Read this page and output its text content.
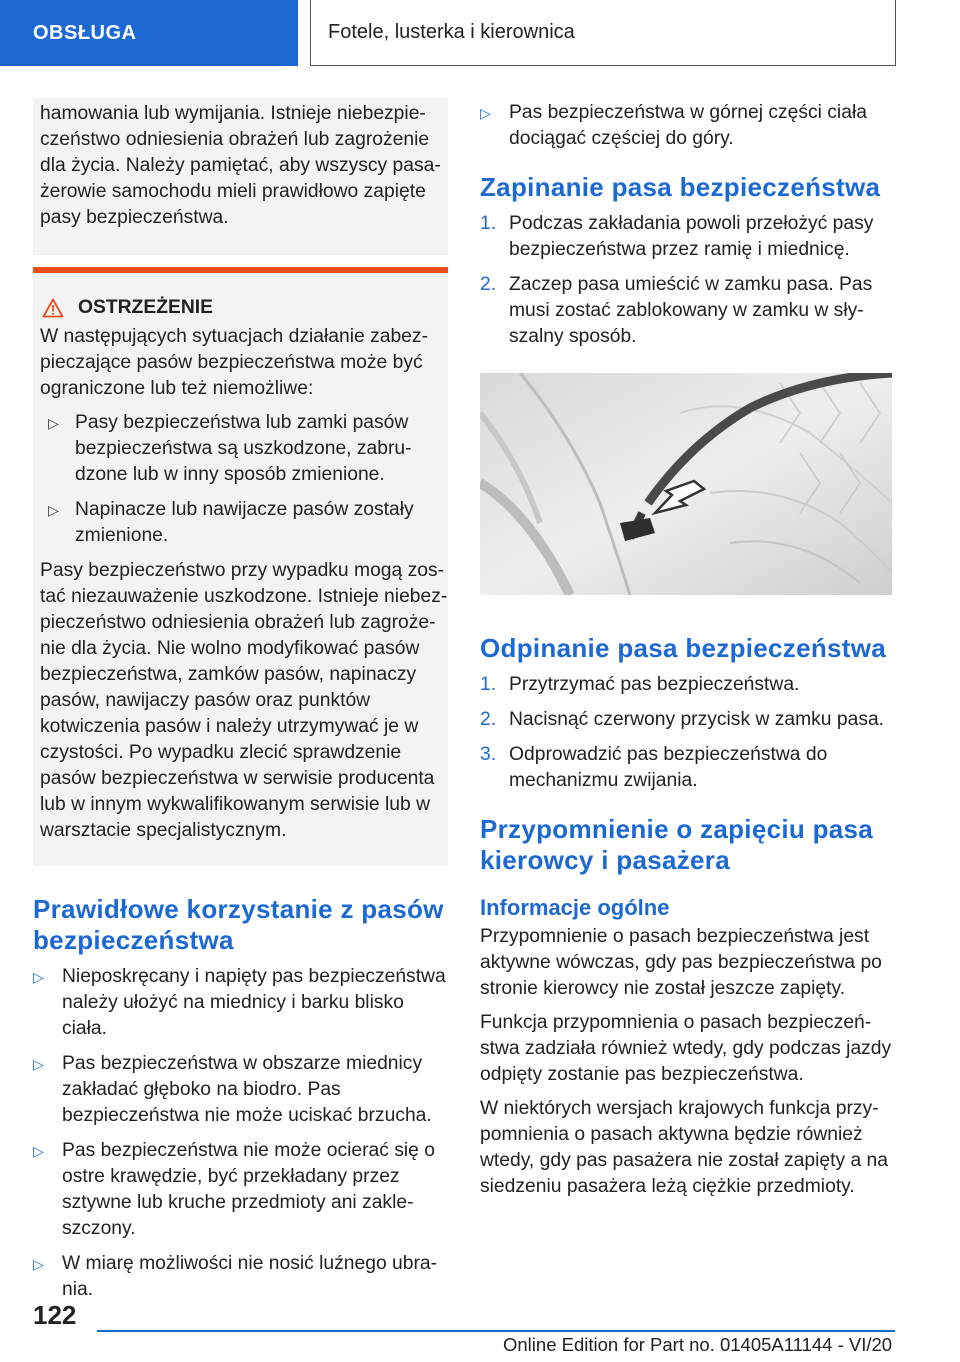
OBSŁUGA	Fotele, lusterka i kierownica

hamowania lub wymijania. Istnieje niebezpieczeństwo odniesienia obrażeń lub zagrożenie dla życia. Należy pamiętać, aby wszyscy pasażerowie samochodu mieli prawidłowo zapięte pasy bezpieczeństwa.

OSTRZEŻENIE

W następujących sytuacjach działanie zabezpieczające pasów bezpieczeństwa może być ograniczone lub też niemożliwe:

▷ Pasy bezpieczeństwa lub zamki pasów bezpieczeństwa są uszkodzone, zabrudzone lub w inny sposób zmienione.
▷ Napinacze lub nawijacze pasów zostały zmienione.

Pasy bezpieczeństwo przy wypadku mogą zostać niezauważenie uszkodzone. Istnieje niebezpieczeństwo odniesienia obrażeń lub zagrożenie dla życia. Nie wolno modyfikować pasów bezpieczeństwa, zamków pasów, napinaczy pasów, nawijaczy pasów oraz punktów kotwiczenia pasów i należy utrzymywać je w czystości. Po wypadku zlecić sprawdzenie pasów bezpieczeństwa w serwisie producenta lub w innym wykwalifikowanym serwisie lub w warsztacie specjalistycznym.

Prawidłowe korzystanie z pasów bezpieczeństwa
▷ Nieposkręcany i napięty pas bezpieczeństwa należy ułożyć na miednicy i barku blisko ciała.
▷ Pas bezpieczeństwa w obszarze miednicy zakładać głęboko na biodro. Pas bezpieczeństwa nie może uciskać brzucha.
▷ Pas bezpieczeństwa nie może ocierać się o ostre krawędzie, być przekładany przez sztywne lub kruche przedmioty ani zakleszczony.
▷ W miarę możliwości nie nosić luźnego ubrania.
▷ Pas bezpieczeństwa w górnej części ciała dociągać częściej do góry.
Zapinanie pasa bezpieczeństwa
1. Podczas zakładania powoli przełożyć pasy bezpieczeństwa przez ramię i miednicę.
2. Zaczep pasa umieścić w zamku pasa. Pas musi zostać zablokowany w zamku w słyszalny sposób.
Odpinanie pasa bezpieczeństwa
1. Przytrzymać pas bezpieczeństwa.
2. Nacisnąć czerwony przycisk w zamku pasa.
3. Odprowadzić pas bezpieczeństwa do mechanizmu zwijania.
Przypomnienie o zapięciu pasa kierowcy i pasażera
Informacje ogólne

Przypomnienie o pasach bezpieczeństwa jest aktywne wówczas, gdy pas bezpieczeństwa po stronie kierowcy nie został jeszcze zapięty.

Funkcja przypomnienia o pasach bezpieczeństwa zadziała również wtedy, gdy podczas jazdy odpięty zostanie pas bezpieczeństwa.

W niektórych wersjach krajowych funkcja przypomnienia o pasach aktywna będzie również wtedy, gdy pas pasażera nie został zapięty a na siedzeniu pasażera leżą ciężkie przedmioty.

122
Online Edition for Part no. 01405A11144 - VI/20
